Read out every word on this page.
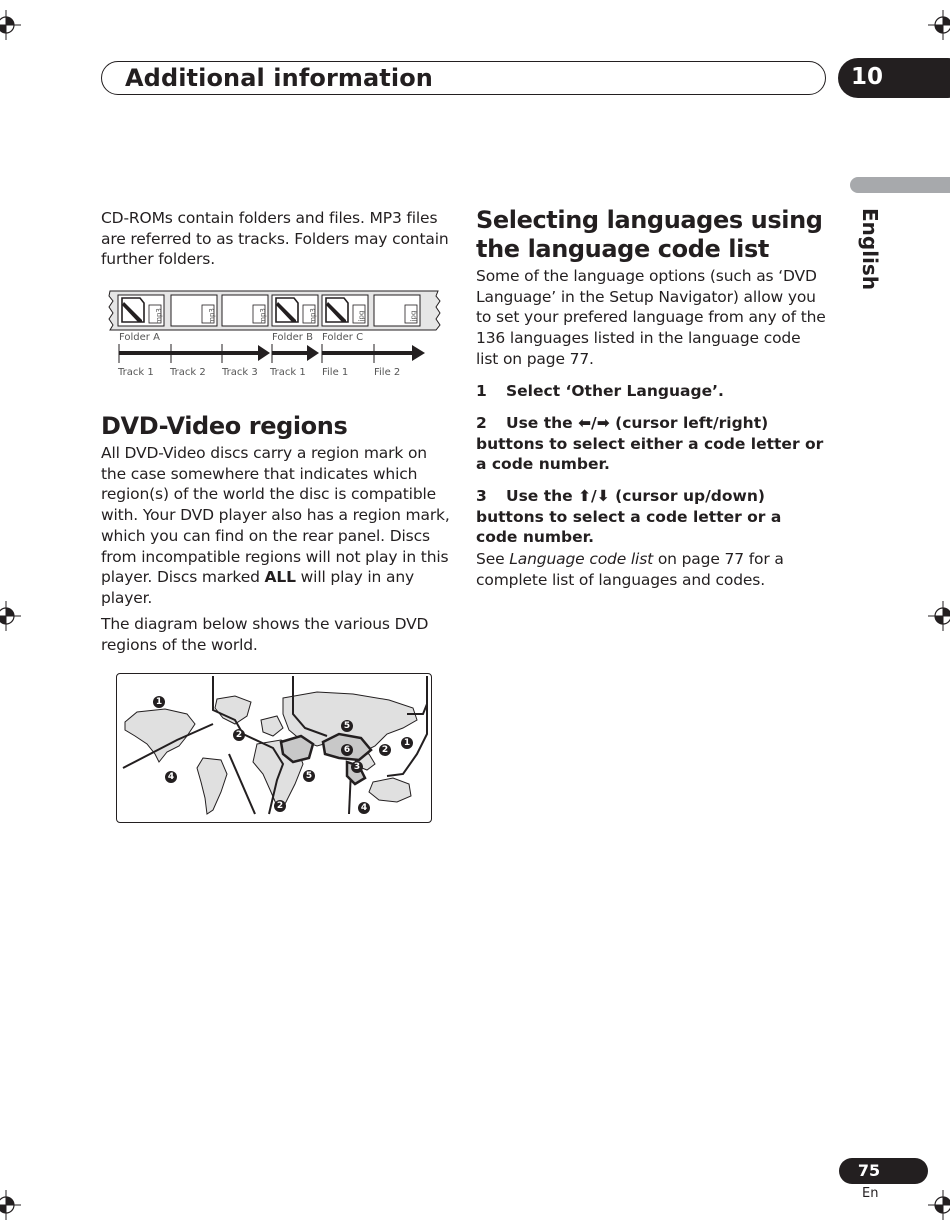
Additional information	10
English
CD-ROMs contain folders and files. MP3 files are referred to as tracks. Folders may contain further folders.
mp3	mp3	mp3	mp3	jpg	jpg
Folder A	Folder B Folder C
Track 1 Track 2 Track 3 Track 1 File 1	File 2
DVD-Video regions
All DVD-Video discs carry a region mark on the case somewhere that indicates which region(s) of the world the disc is compatible with. Your DVD player also has a region mark, which you can find on the rear panel. Discs from incompatible regions will not play in this player. Discs marked ALL will play in any player.
The diagram below shows the various DVD regions of the world.
1
2
4
5
6	2
1
3
5
2	4
Selecting languages using the language code list
Some of the language options (such as ‘DVD Language’ in the Setup Navigator) allow you to set your prefered language from any of the 136 languages listed in the language code list on page 77.
1 Select ‘Other Language’.
2 Use the ⬅/➡ (cursor left/right) buttons to select either a code letter or a code number.
3 Use the ⬆/⬇ (cursor up/down) buttons to select a code letter or a code number.
See Language code list on page 77 for a complete list of languages and codes.
75
En
